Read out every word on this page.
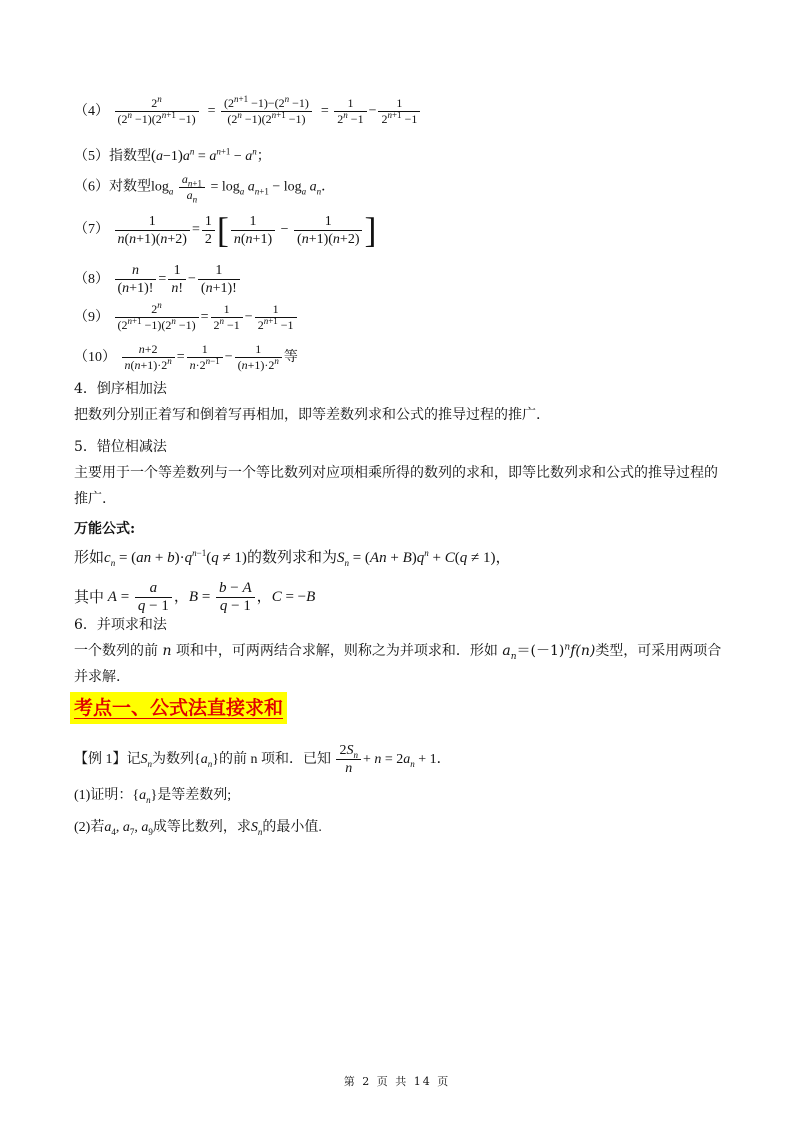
$(4) \frac{2^n}{(2^n -1)(2^{n+1} -1)} = \frac{(2^{n+1} -1)-(2^n -1)}{(2^n -1)(2^{n+1} -1)} = \frac{1}{2^n -1} - \frac{1}{2^{n+1} -1}$
（5）指数型$(a-1)a^n = a^{n+1} - a^n$；
（6）对数型$\log_a \frac{a_{n+1}}{a_n} = \log_a a_{n+1} - \log_a a_n$．
$(7) \frac{1}{n(n+1)(n+2)} = \frac{1}{2}$ [ $\frac{1}{n(n+1)} - \frac{1}{(n+1)(n+2)}$ ]
$(8) \frac{n}{(n+1)!} = \frac{1}{n!} - \frac{1}{(n+1)!}$
$(9) \frac{2^n}{(2^{n+1} -1)(2^n -1)} = \frac{1}{2^n -1} - \frac{1}{2^{n+1} -1}$
$(10) \frac{n+2}{n(n+1)\cdot 2^n} = \frac{1}{n\cdot 2^{n-1}} - \frac{1}{(n+1)\cdot 2^n}$ 等
4．倒序相加法
把数列分别正着写和倒着写再相加，即等差数列求和公式的推导过程的推广.
5．错位相减法
主要用于一个等差数列与一个等比数列对应项相乘所得的数列的求和，即等比数列求和公式的推导过程的推广.
万能公式:
形如$c_n = (an + b)\cdot q^{n-1}(q \ne 1)$的数列求和为$S_n = (An + B)q^n + C(q \ne 1)$，
其中 $A = \frac{a}{q - 1}$ ，$B = \frac{b - A}{q - 1}$ ，C = −B
6．并项求和法
一个数列的前 n 项和中，可两两结合求解，则称之为并项求和．形如 $a_n=(-1)^nf(n)$类型，可采用两项合并求解.
考点一、公式法直接求和
【例 1】记$S_n$为数列$\{a_n\}$的前 n 项和．已知 $\frac{2S_n}{n} + n = 2a_n + 1$．
(1)证明：$\{a_n\}$是等差数列;
(2)若$a_4$, $a_7$, $a_9$成等比数列，求$S_n$的最小值.
第 2 页 共 14 页
